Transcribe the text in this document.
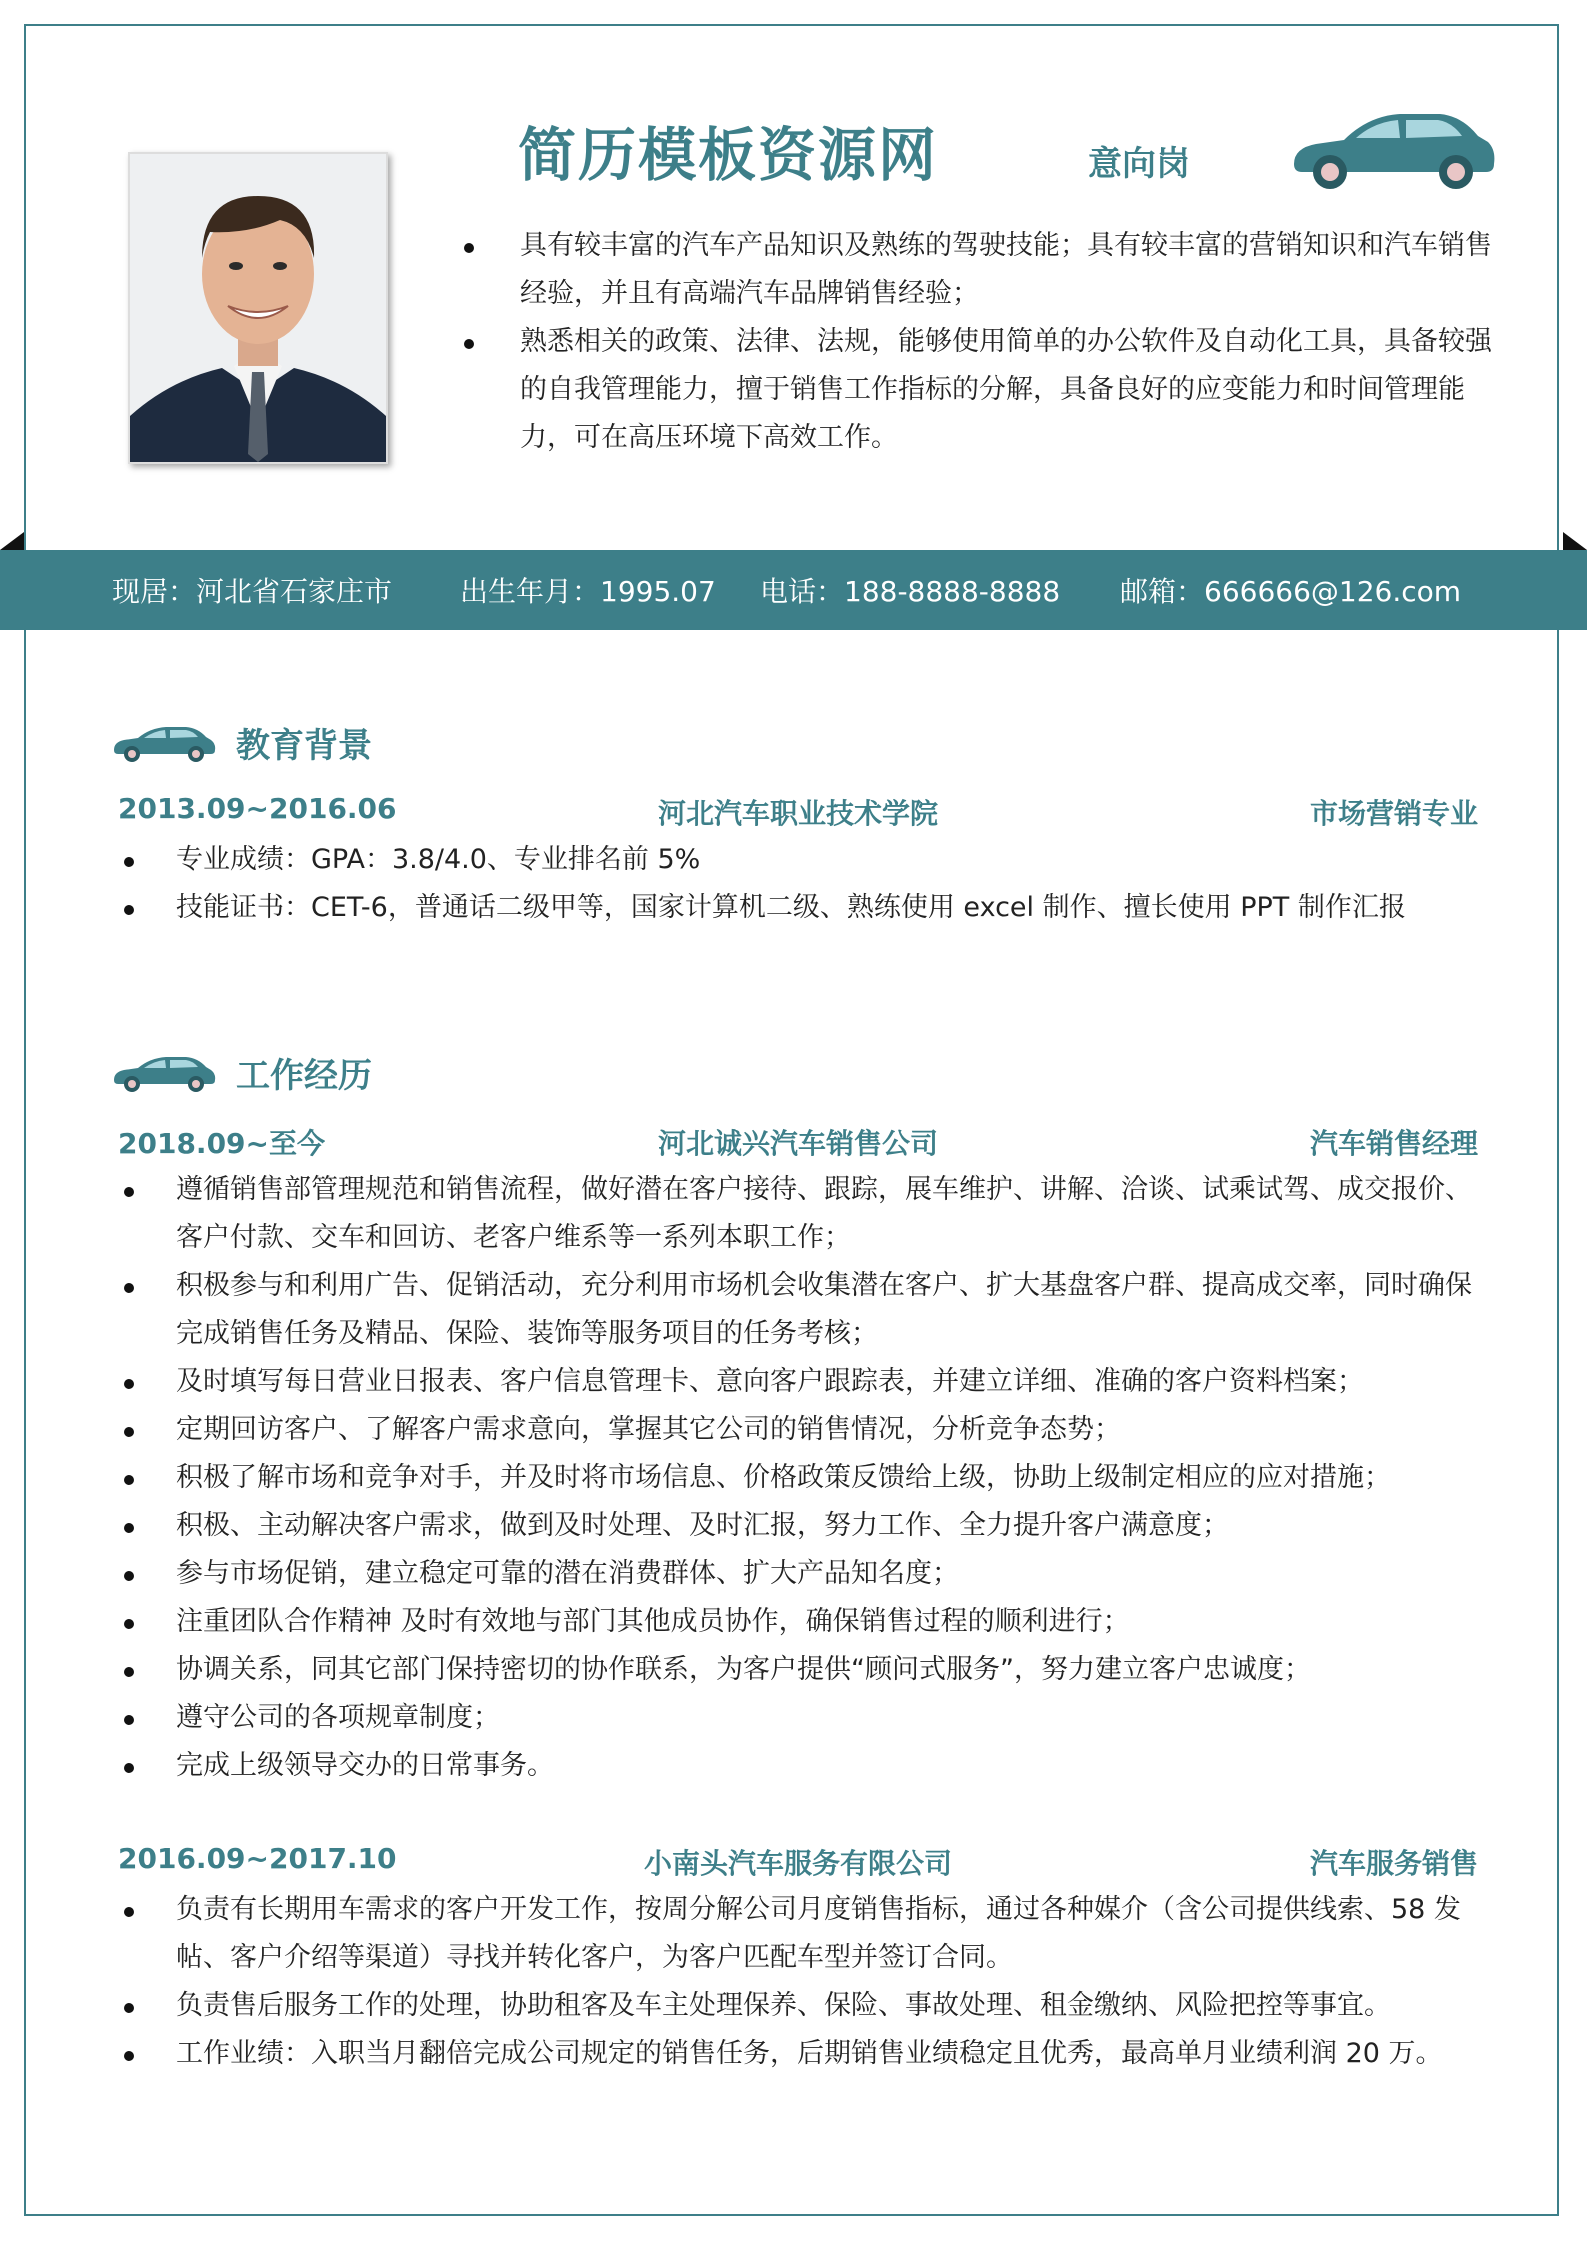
简历模板资源网	意向岗
具有较丰富的汽车产品知识及熟练的驾驶技能；具有较丰富的营销知识和汽车销售经验，并且有高端汽车品牌销售经验；
熟悉相关的政策、法律、法规，能够使用简单的办公软件及自动化工具，具备较强的自我管理能力，擅于销售工作指标的分解，具备良好的应变能力和时间管理能力，可在高压环境下高效工作。
现居：河北省石家庄市 出生年月：1995.07 电话：188-8888-8888 邮箱：666666@126.com
教育背景
2013.09~2016.06	河北汽车职业技术学院	市场营销专业
专业成绩：GPA：3.8/4.0、专业排名前 5%
技能证书：CET-6，普通话二级甲等，国家计算机二级、熟练使用 excel 制作、擅长使用 PPT 制作汇报
工作经历
2018.09~至今	河北诚兴汽车销售公司	汽车销售经理
遵循销售部管理规范和销售流程，做好潜在客户接待、跟踪，展车维护、讲解、洽谈、试乘试驾、成交报价、客户付款、交车和回访、老客户维系等一系列本职工作；
积极参与和利用广告、促销活动，充分利用市场机会收集潜在客户、扩大基盘客户群、提高成交率，同时确保完成销售任务及精品、保险、装饰等服务项目的任务考核；
及时填写每日营业日报表、客户信息管理卡、意向客户跟踪表，并建立详细、准确的客户资料档案；
定期回访客户、了解客户需求意向，掌握其它公司的销售情况，分析竞争态势；
积极了解市场和竞争对手，并及时将市场信息、价格政策反馈给上级，协助上级制定相应的应对措施；
积极、主动解决客户需求，做到及时处理、及时汇报，努力工作、全力提升客户满意度；
参与市场促销，建立稳定可靠的潜在消费群体、扩大产品知名度；
注重团队合作精神 及时有效地与部门其他成员协作，确保销售过程的顺利进行；
协调关系，同其它部门保持密切的协作联系，为客户提供“顾问式服务”，努力建立客户忠诚度；
遵守公司的各项规章制度；
完成上级领导交办的日常事务。
2016.09~2017.10	小南头汽车服务有限公司	汽车服务销售
负责有长期用车需求的客户开发工作，按周分解公司月度销售指标，通过各种媒介（含公司提供线索、58 发帖、客户介绍等渠道）寻找并转化客户，为客户匹配车型并签订合同。
负责售后服务工作的处理，协助租客及车主处理保养、保险、事故处理、租金缴纳、风险把控等事宜。
工作业绩：入职当月翻倍完成公司规定的销售任务，后期销售业绩稳定且优秀，最高单月业绩利润 20 万。
